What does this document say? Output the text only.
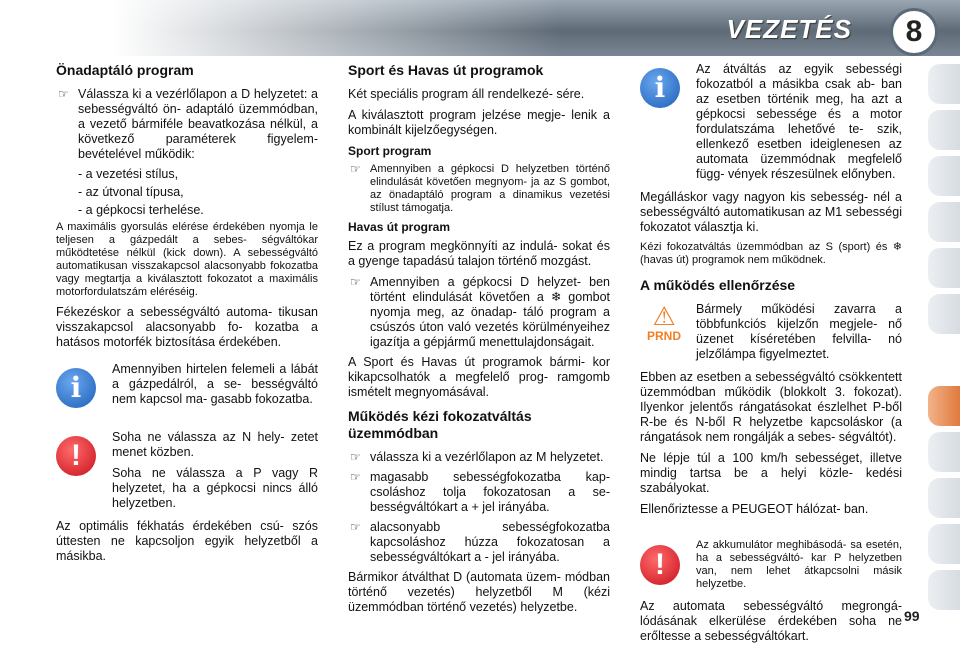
VEZETÉS	8
Önadaptáló program
☞ Válassza ki a vezérlőlapon a D helyzetet: a sebességváltó ön- adaptáló üzemmódban, a vezető bármiféle beavatkozása nélkül, a következő paraméterek figyelem- bevételével működik:
- a vezetési stílus,
- az útvonal típusa,
- a gépkocsi terhelése.

A maximális gyorsulás elérése érdekében nyomja le teljesen a gázpedált a sebes- ségváltókar működtetése nélkül (kick down). A sebességváltó automatikusan visszakapcsol alacsonyabb fokozatba vagy megtartja a kiválasztott fokozatot a maximális motorfordulatszám eléréséig.

Fékezéskor a sebességváltó automa- tikusan visszakapcsol alacsonyabb fo- kozatba a hatásos motorfék biztosítása érdekében.

i
Amennyiben hirtelen felemeli a lábát a gázpedálról, a se- bességváltó nem kapcsol ma- gasabb fokozatba.
!

Soha ne válassza az N hely- zetet menet közben.

Soha ne válassza a P vagy R helyzetet, ha a gépkocsi nincs álló helyzetben.

Az optimális fékhatás érdekében csú- szós úttesten ne kapcsoljon egyik helyzetből a másikba.

Sport és Havas út programok

Két speciális program áll rendelkezé- sére.

A kiválasztott program jelzése megje- lenik a kombinált kijelzőegységen.

Sport program
☞ Amennyiben a gépkocsi D helyzetben történő elindulását követően megnyom- ja az S gombot, az önadaptáló program a dinamikus vezetési stílust támogatja.
Havas út program

Ez a program megkönnyíti az indulá- sokat és a gyenge tapadású talajon történő mozgást.

☞ Amennyiben a gépkocsi D helyzet- ben történt elindulását követően a ❄ gombot nyomja meg, az önadap- táló program a csúszós úton való vezetés körülményeihez igazítja a gépjármű menettulajdonságait.

A Sport és Havas út programok bármi- kor kikapcsolhatók a megfelelő prog- ramgomb ismételt megnyomásával.

Működés kézi fokozatváltás üzemmódban
☞ válassza ki a vezérlőlapon az M helyzetet.
☞ magasabb sebességfokozatba kap- csoláshoz tolja fokozatosan a se- bességváltókart a + jel irányába.
☞ alacsonyabb sebességfokozatba kapcsoláshoz húzza fokozatosan a sebességváltókart a - jel irányába.

Bármikor átválthat D (automata üzem- módban történő vezetés) helyzetből M (kézi üzemmódban történő vezetés) helyzetbe.

i
Az átváltás az egyik sebességi fokozatból a másikba csak ab- ban az esetben történik meg, ha azt a gépkocsi sebessége és a motor fordulatszáma lehetővé te- szik, ellenkező esetben ideiglenesen az automata üzemmódnak megfelelő függ- vények részesülnek előnyben.

Megálláskor vagy nagyon kis sebesség- nél a sebességváltó automatikusan az M1 sebességi fokozatot választja ki.

Kézi fokozatváltás üzemmódban az S (sport) és ❄ (havas út) programok nem működnek.

A működés ellenőrzése
⚠
PRND
Bármely működési zavarra a többfunkciós kijelzőn megjele- nő üzenet kíséretében felvilla- nó jelzőlámpa figyelmeztet.

Ebben az esetben a sebességváltó csökkentett üzemmódban működik (blokkolt 3. fokozat). Ilyenkor jelentős rángatásokat észlelhet P-ből R-be és N-ből R helyzetbe kapcsoláskor (a rángatások nem rongálják a sebes- ségváltót).

Ne lépje túl a 100 km/h sebességet, illetve mindig tartsa be a helyi közle- kedési szabályokat.

Ellenőriztesse a PEUGEOT hálózat- ban.

!
Az akkumulátor meghibásodá- sa esetén, ha a sebességváltó- kar P helyzetben van, nem lehet átkapcsolni másik helyzetbe.

Az automata sebességváltó megrongá- lódásának elkerülése érdekében soha ne erőltesse a sebességváltókart.

99
